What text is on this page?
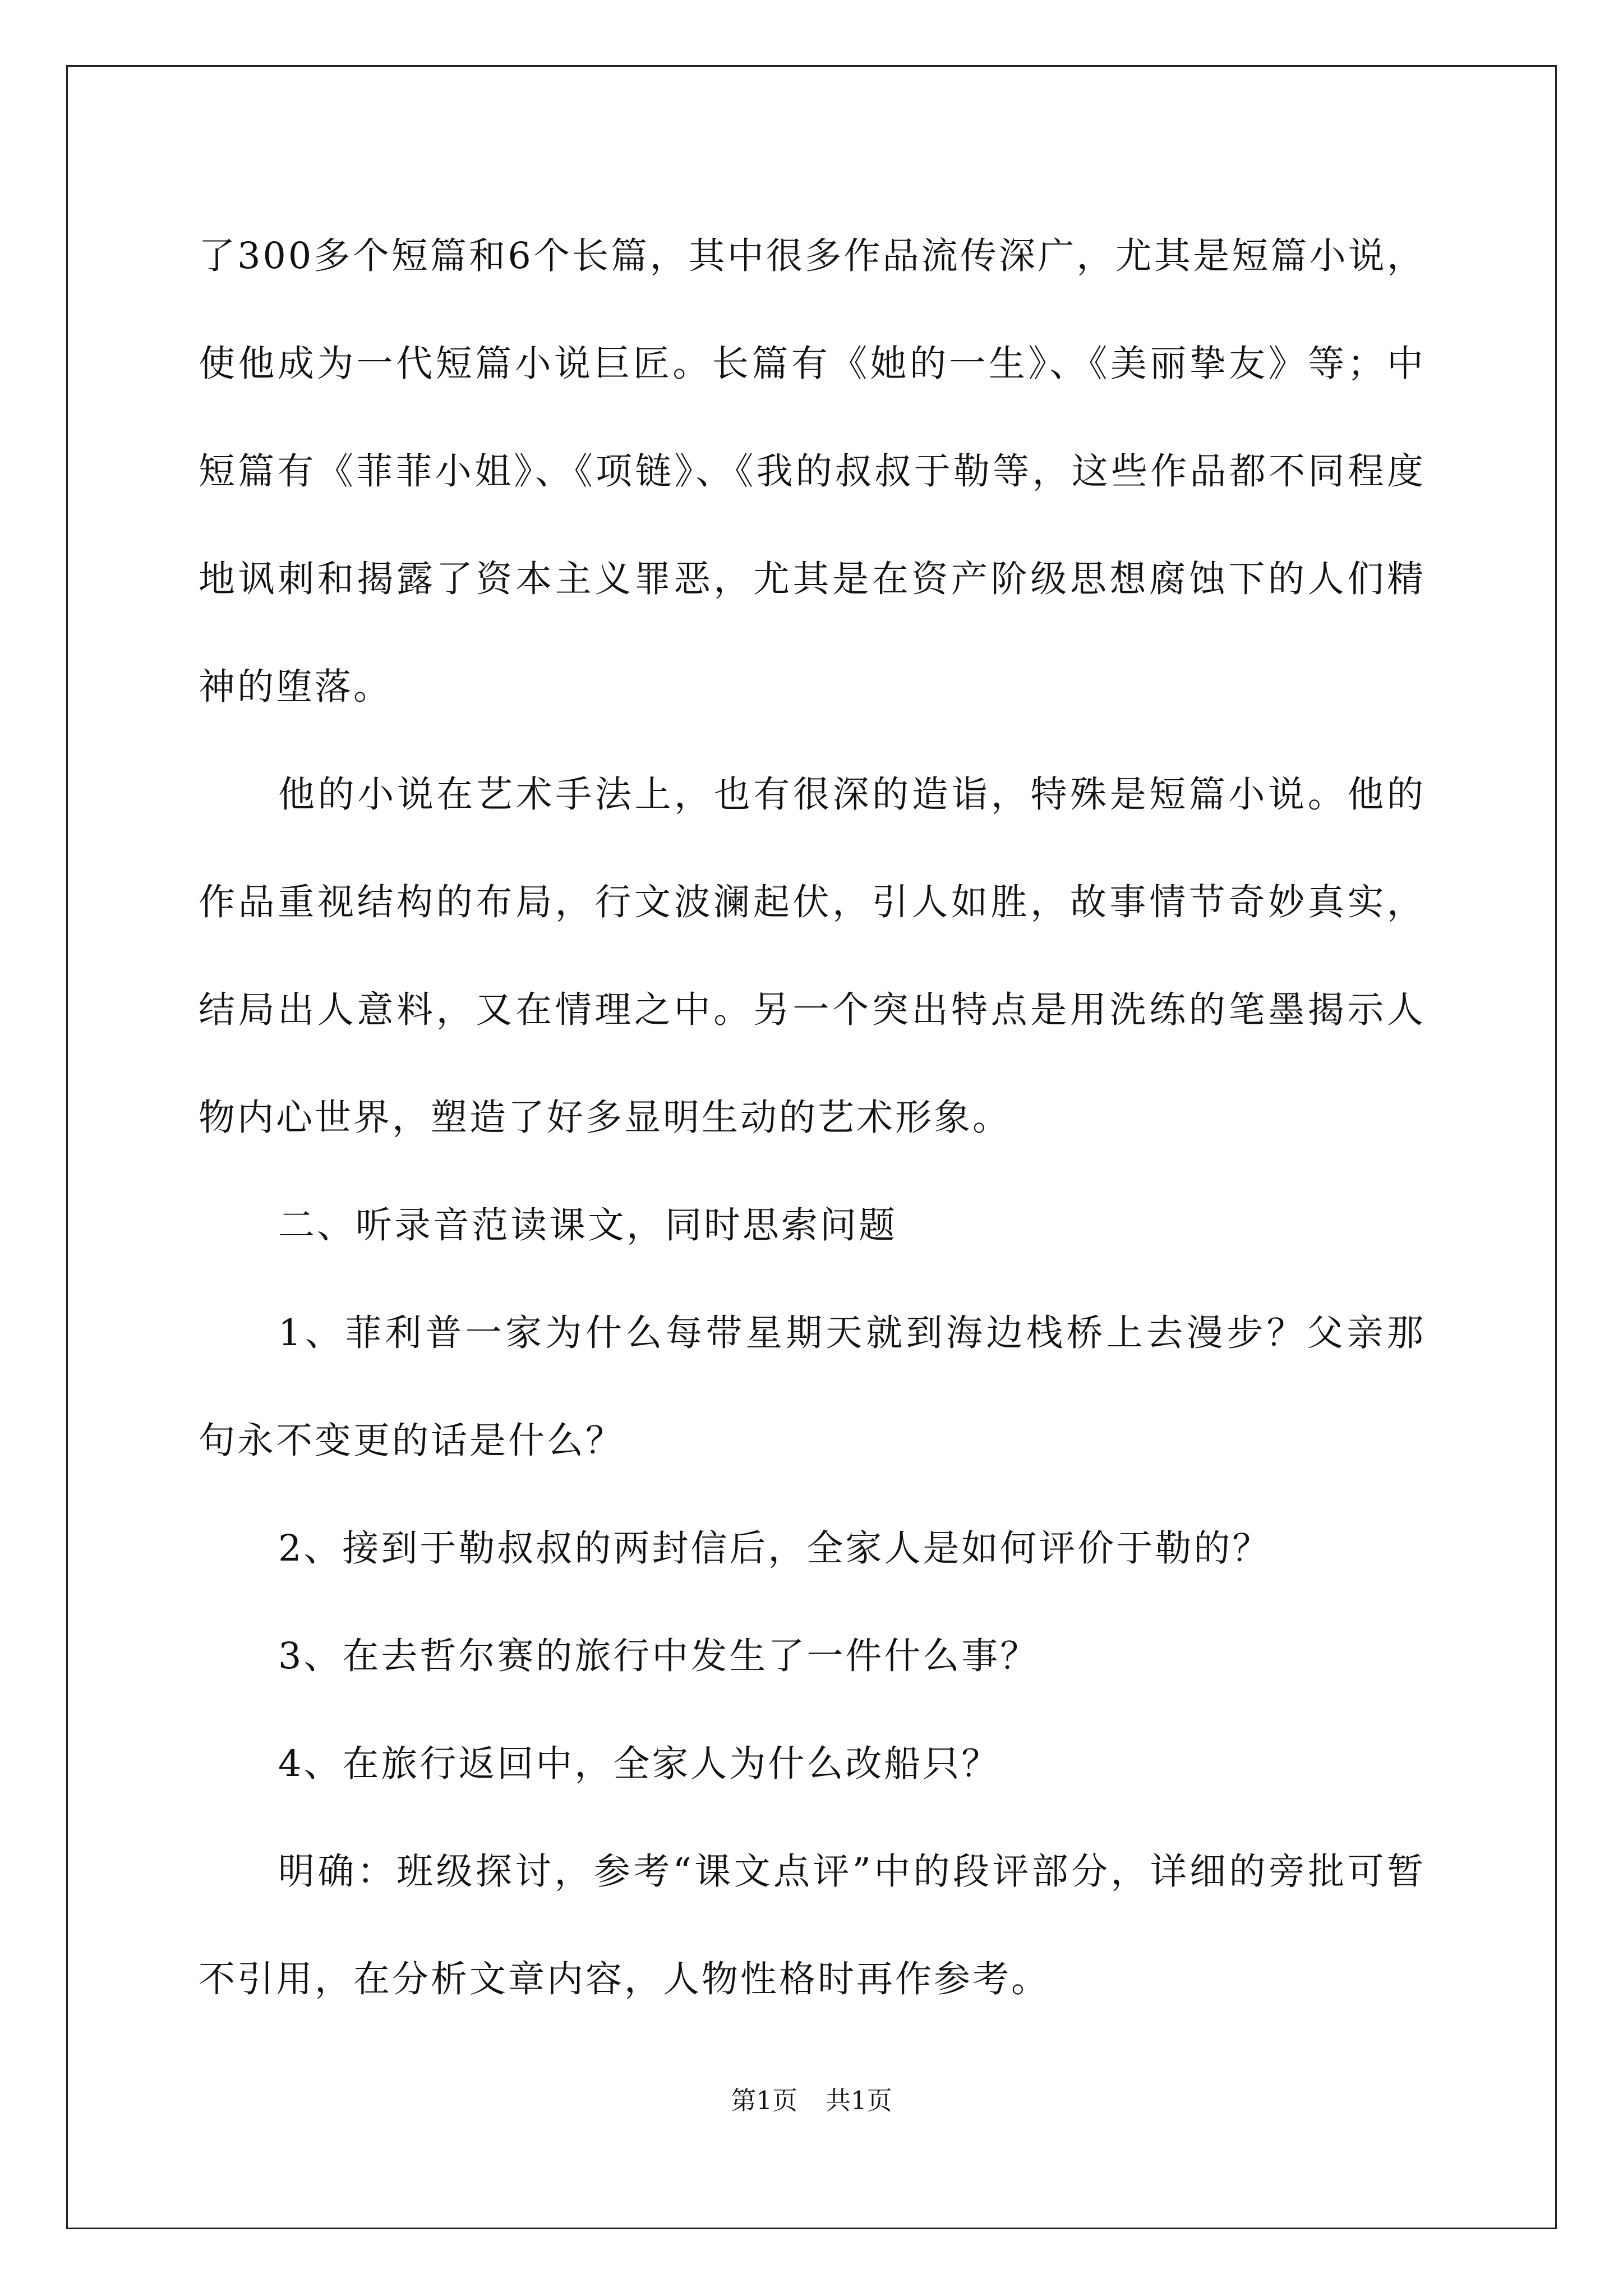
了300多个短篇和6个长篇，其中很多作品流传深广，尤其是短篇小说，使他成为一代短篇小说巨匠。长篇有《她的一生》、《美丽挚友》等；中短篇有《菲菲小姐》、《项链》、《我的叔叔于勒等，这些作品都不同程度地讽刺和揭露了资本主义罪恶，尤其是在资产阶级思想腐蚀下的人们精神的堕落。

他的小说在艺术手法上，也有很深的造诣，特殊是短篇小说。他的作品重视结构的布局，行文波澜起伏，引人如胜，故事情节奇妙真实，结局出人意料，又在情理之中。另一个突出特点是用洗练的笔墨揭示人物内心世界，塑造了好多显明生动的艺术形象。

二、听录音范读课文，同时思索问题

1、菲利普一家为什么每带星期天就到海边栈桥上去漫步？父亲那句永不变更的话是什么？

2、接到于勒叔叔的两封信后，全家人是如何评价于勒的？

3、在去哲尔赛的旅行中发生了一件什么事？

4、在旅行返回中，全家人为什么改船只？

明确：班级探讨，参考“课文点评”中的段评部分，详细的旁批可暂不引用，在分析文章内容，人物性格时再作参考。

第1页 共1页
